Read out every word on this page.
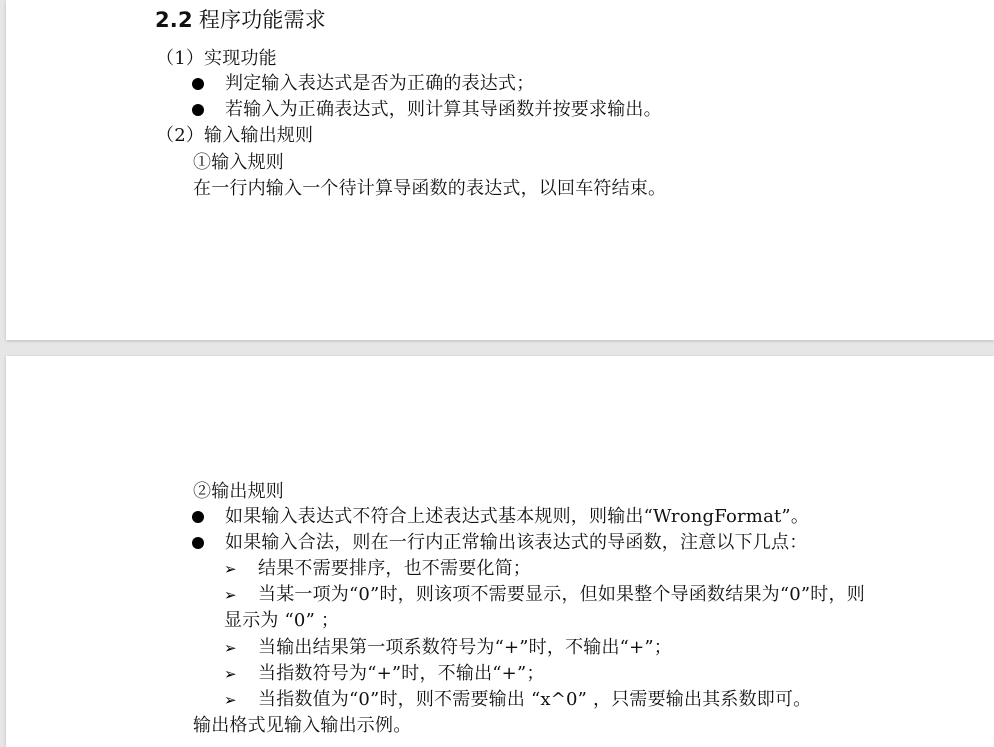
2.2 程序功能需求
（1）实现功能
判定输入表达式是否为正确的表达式；
若输入为正确表达式，则计算其导函数并按要求输出。
（2）输入输出规则
①输入规则
在一行内输入一个待计算导函数的表达式，以回车符结束。
②输出规则
如果输入表达式不符合上述表达式基本规则，则输出“WrongFormat”。
如果输入合法，则在一行内正常输出该表达式的导函数，注意以下几点：
➢ 结果不需要排序，也不需要化简；
➢ 当某一项为“0”时，则该项不需要显示，但如果整个导函数结果为“0”时，则
显示为 “0” ；
➢ 当输出结果第一项系数符号为“+”时，不输出“+”；
➢ 当指数符号为“+”时，不输出“+”；
➢ 当指数值为“0”时，则不需要输出 “x^0” ，只需要输出其系数即可。
输出格式见输入输出示例。
